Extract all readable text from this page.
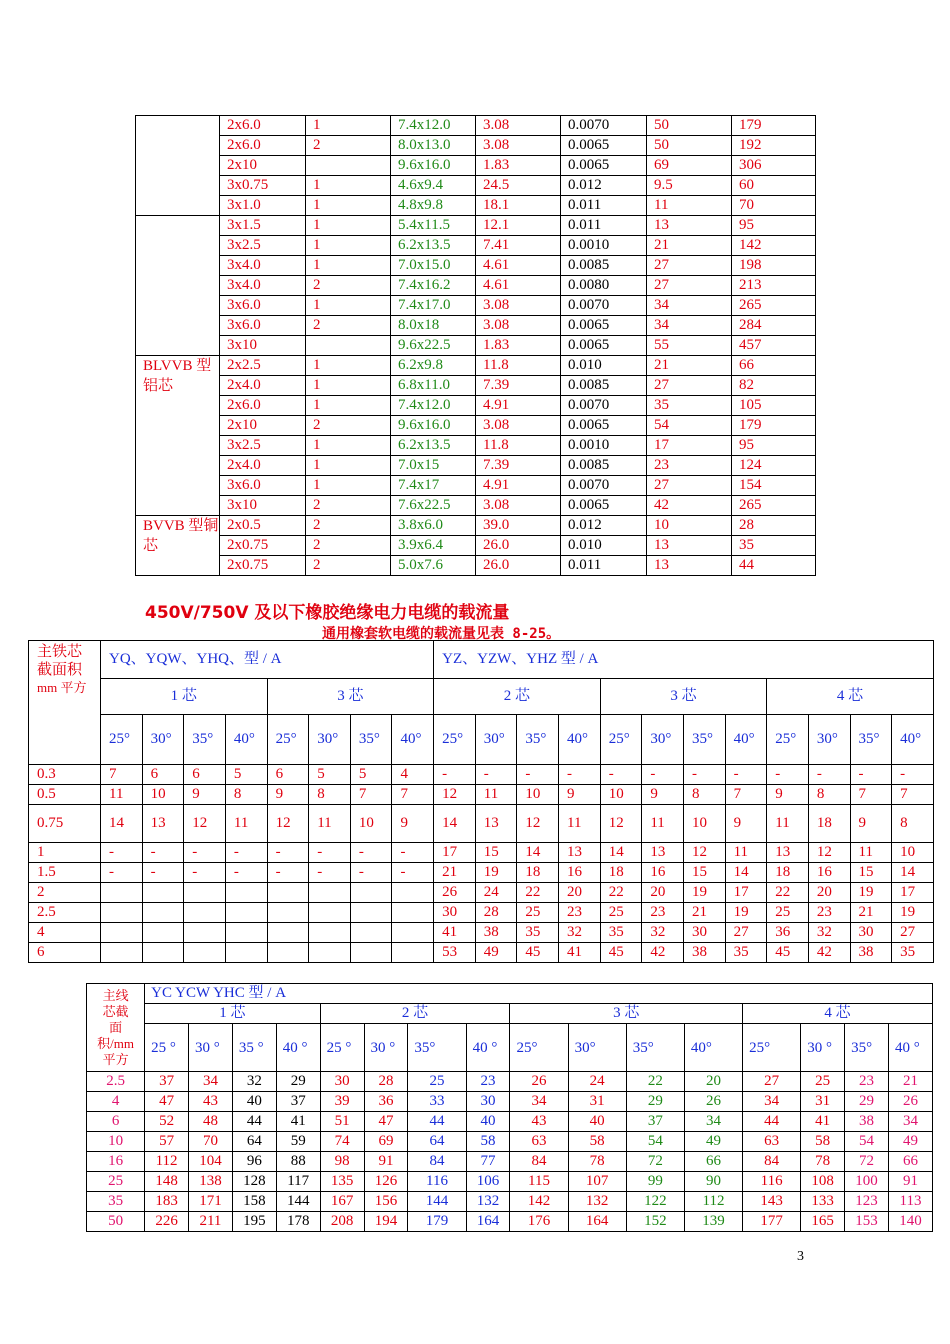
	2x6.0	1	7.4x12.0	3.08	0.0070	50	179
	2x6.0	2	8.0x13.0	3.08	0.0065	50	192
	2x10		9.6x16.0	1.83	0.0065	69	306
	3x0.75	1	4.6x9.4	24.5	0.012	9.5	60
	3x1.0	1	4.8x9.8	18.1	0.011	11	70
	3x1.5	1	5.4x11.5	12.1	0.011	13	95
	3x2.5	1	6.2x13.5	7.41	0.0010	21	142
	3x4.0	1	7.0x15.0	4.61	0.0085	27	198
	3x4.0	2	7.4x16.2	4.61	0.0080	27	213
	3x6.0	1	7.4x17.0	3.08	0.0070	34	265
	3x6.0	2	8.0x18	3.08	0.0065	34	284
	3x10		9.6x22.5	1.83	0.0065	55	457
BLVVB 型铝芯	2x2.5	1	6.2x9.8	11.8	0.010	21	66
	2x4.0	1	6.8x11.0	7.39	0.0085	27	82
	2x6.0	1	7.4x12.0	4.91	0.0070	35	105
	2x10	2	9.6x16.0	3.08	0.0065	54	179
	3x2.5	1	6.2x13.5	11.8	0.0010	17	95
	2x4.0	1	7.0x15	7.39	0.0085	23	124
	3x6.0	1	7.4x17	4.91	0.0070	27	154
	3x10	2	7.6x22.5	3.08	0.0065	42	265
BVVB 型铜芯	2x0.5	2	3.8x6.0	39.0	0.012	10	28
	2x0.75	2	3.9x6.4	26.0	0.010	13	35
	2x0.75	2	5.0x7.6	26.0	0.011	13	44
450V/750V 及以下橡胶绝缘电力电缆的载流量
通用橡套软电缆的载流量见表 8-25。
主铁芯
截面积
mm 平方	YQ、YQW、YHQ、型 / A								YZ、YZW、YHZ 型 / A											
	1 芯				3 芯				2 芯				3 芯				4 芯			
	25°	30°	35°	40°	25°	30°	35°	40°	25°	30°	35°	40°	25°	30°	35°	40°	25°	30°	35°	40°
0.3	7	6	6	5	6	5	5	4	-	-	-	-	-	-	-	-	-	-	-	-
0.5	11	10	9	8	9	8	7	7	12	11	10	9	10	9	8	7	9	8	7	7
0.75	14	13	12	11	12	11	10	9	14	13	12	11	12	11	10	9	11	18	9	8
1	-	-	-	-	-	-	-	-	17	15	14	13	14	13	12	11	13	12	11	10
1.5	-	-	-	-	-	-	-	-	21	19	18	16	18	16	15	14	18	16	15	14
2									26	24	22	20	22	20	19	17	22	20	19	17
2.5									30	28	25	23	25	23	21	19	25	23	21	19
4									41	38	35	32	35	32	30	27	36	32	30	27
6									53	49	45	41	45	42	38	35	45	42	38	35
主线
芯截
面
积/mm
平方	YC YCW YHC 型 / A															
	1 芯				2 芯				3 芯				4 芯			
	25 °	30 °	35 °	40 °	25 °	30 °	35°	40 °	25°	30°	35°	40°	25°	30 °	35°	40 °
2.5	37	34	32	29	30	28	25	23	26	24	22	20	27	25	23	21
4	47	43	40	37	39	36	33	30	34	31	29	26	34	31	29	26
6	52	48	44	41	51	47	44	40	43	40	37	34	44	41	38	34
10	57	70	64	59	74	69	64	58	63	58	54	49	63	58	54	49
16	112	104	96	88	98	91	84	77	84	78	72	66	84	78	72	66
25	148	138	128	117	135	126	116	106	115	107	99	90	116	108	100	91
35	183	171	158	144	167	156	144	132	142	132	122	112	143	133	123	113
50	226	211	195	178	208	194	179	164	176	164	152	139	177	165	153	140
3
